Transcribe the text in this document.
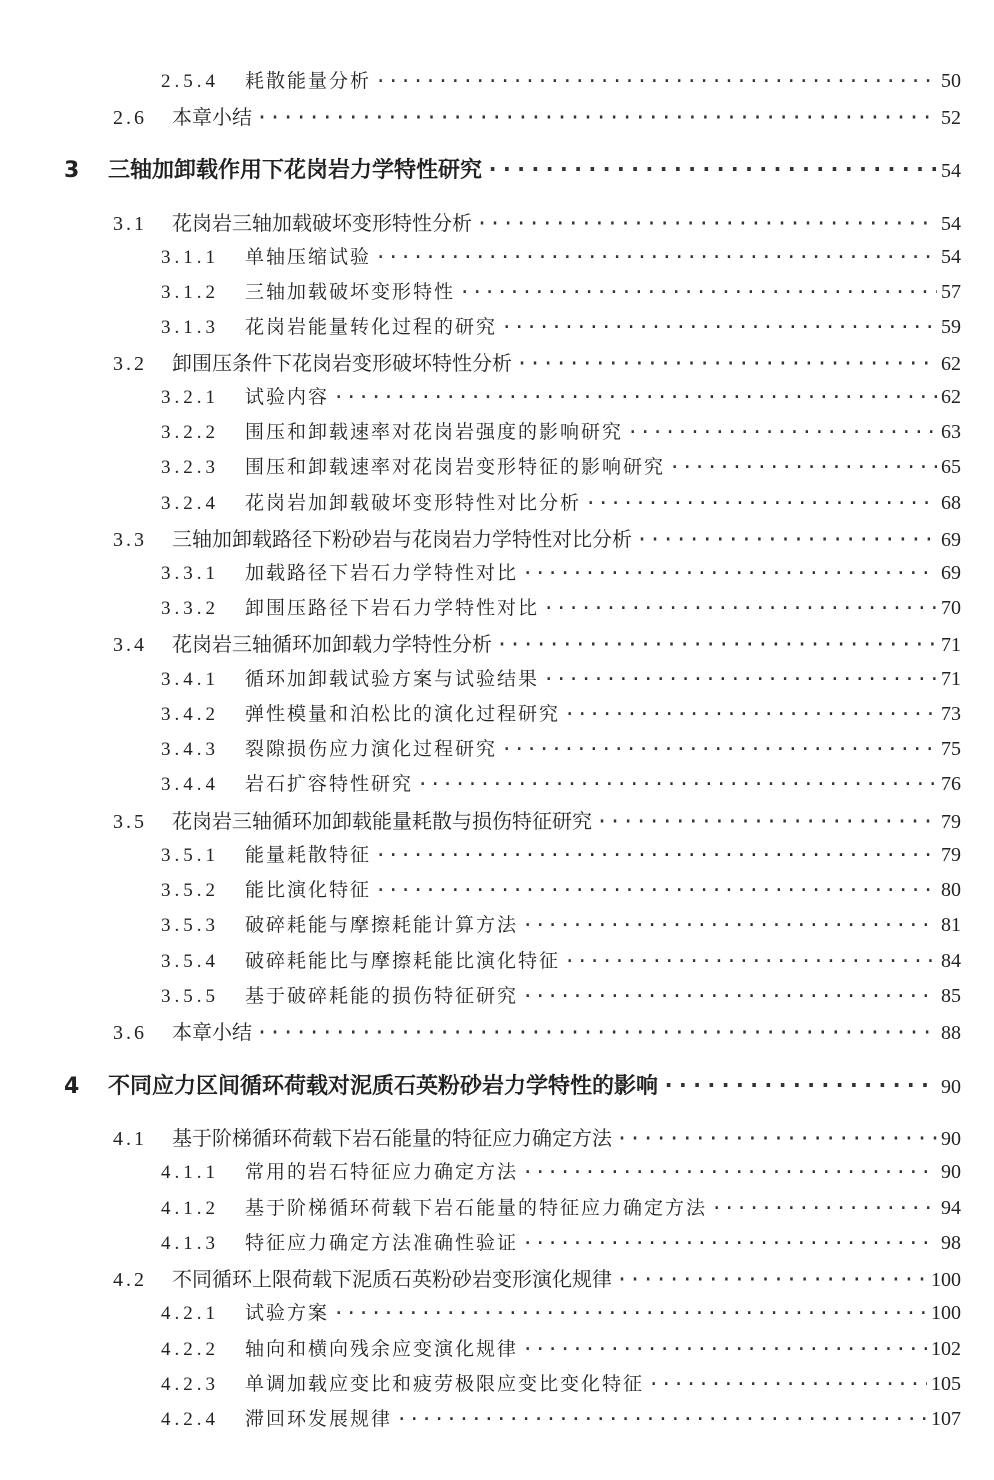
2.5.4	耗散能量分析 ·····	50
2.6	本章小结 ·····	52
3	三轴加卸载作用下花岗岩力学特性研究 ·····	54
3.1	花岗岩三轴加载破坏变形特性分析 ·····	54
3.1.1	单轴压缩试验 ·····	54
3.1.2	三轴加载破坏变形特性 ·····	57
3.1.3	花岗岩能量转化过程的研究 ·····	59
3.2	卸围压条件下花岗岩变形破坏特性分析 ·····	62
3.2.1	试验内容 ·····	62
3.2.2	围压和卸载速率对花岗岩强度的影响研究 ·····	63
3.2.3	围压和卸载速率对花岗岩变形特征的影响研究 ·····	65
3.2.4	花岗岩加卸载破坏变形特性对比分析 ·····	68
3.3	三轴加卸载路径下粉砂岩与花岗岩力学特性对比分析 ·····	69
3.3.1	加载路径下岩石力学特性对比 ·····	69
3.3.2	卸围压路径下岩石力学特性对比 ·····	70
3.4	花岗岩三轴循环加卸载力学特性分析 ·····	71
3.4.1	循环加卸载试验方案与试验结果 ·····	71
3.4.2	弹性模量和泊松比的演化过程研究 ·····	73
3.4.3	裂隙损伤应力演化过程研究 ·····	75
3.4.4	岩石扩容特性研究 ·····	76
3.5	花岗岩三轴循环加卸载能量耗散与损伤特征研究 ·····	79
3.5.1	能量耗散特征 ·····	79
3.5.2	能比演化特征 ·····	80
3.5.3	破碎耗能与摩擦耗能计算方法 ·····	81
3.5.4	破碎耗能比与摩擦耗能比演化特征 ·····	84
3.5.5	基于破碎耗能的损伤特征研究 ·····	85
3.6	本章小结 ·····	88
4	不同应力区间循环荷载对泥质石英粉砂岩力学特性的影响 ·····	90
4.1	基于阶梯循环荷载下岩石能量的特征应力确定方法 ·····	90
4.1.1	常用的岩石特征应力确定方法 ·····	90
4.1.2	基于阶梯循环荷载下岩石能量的特征应力确定方法 ·····	94
4.1.3	特征应力确定方法准确性验证 ·····	98
4.2	不同循环上限荷载下泥质石英粉砂岩变形演化规律 ·····	100
4.2.1	试验方案 ·····	100
4.2.2	轴向和横向残余应变演化规律 ·····	102
4.2.3	单调加载应变比和疲劳极限应变比变化特征 ·····	105
4.2.4	滞回环发展规律 ·····	107
